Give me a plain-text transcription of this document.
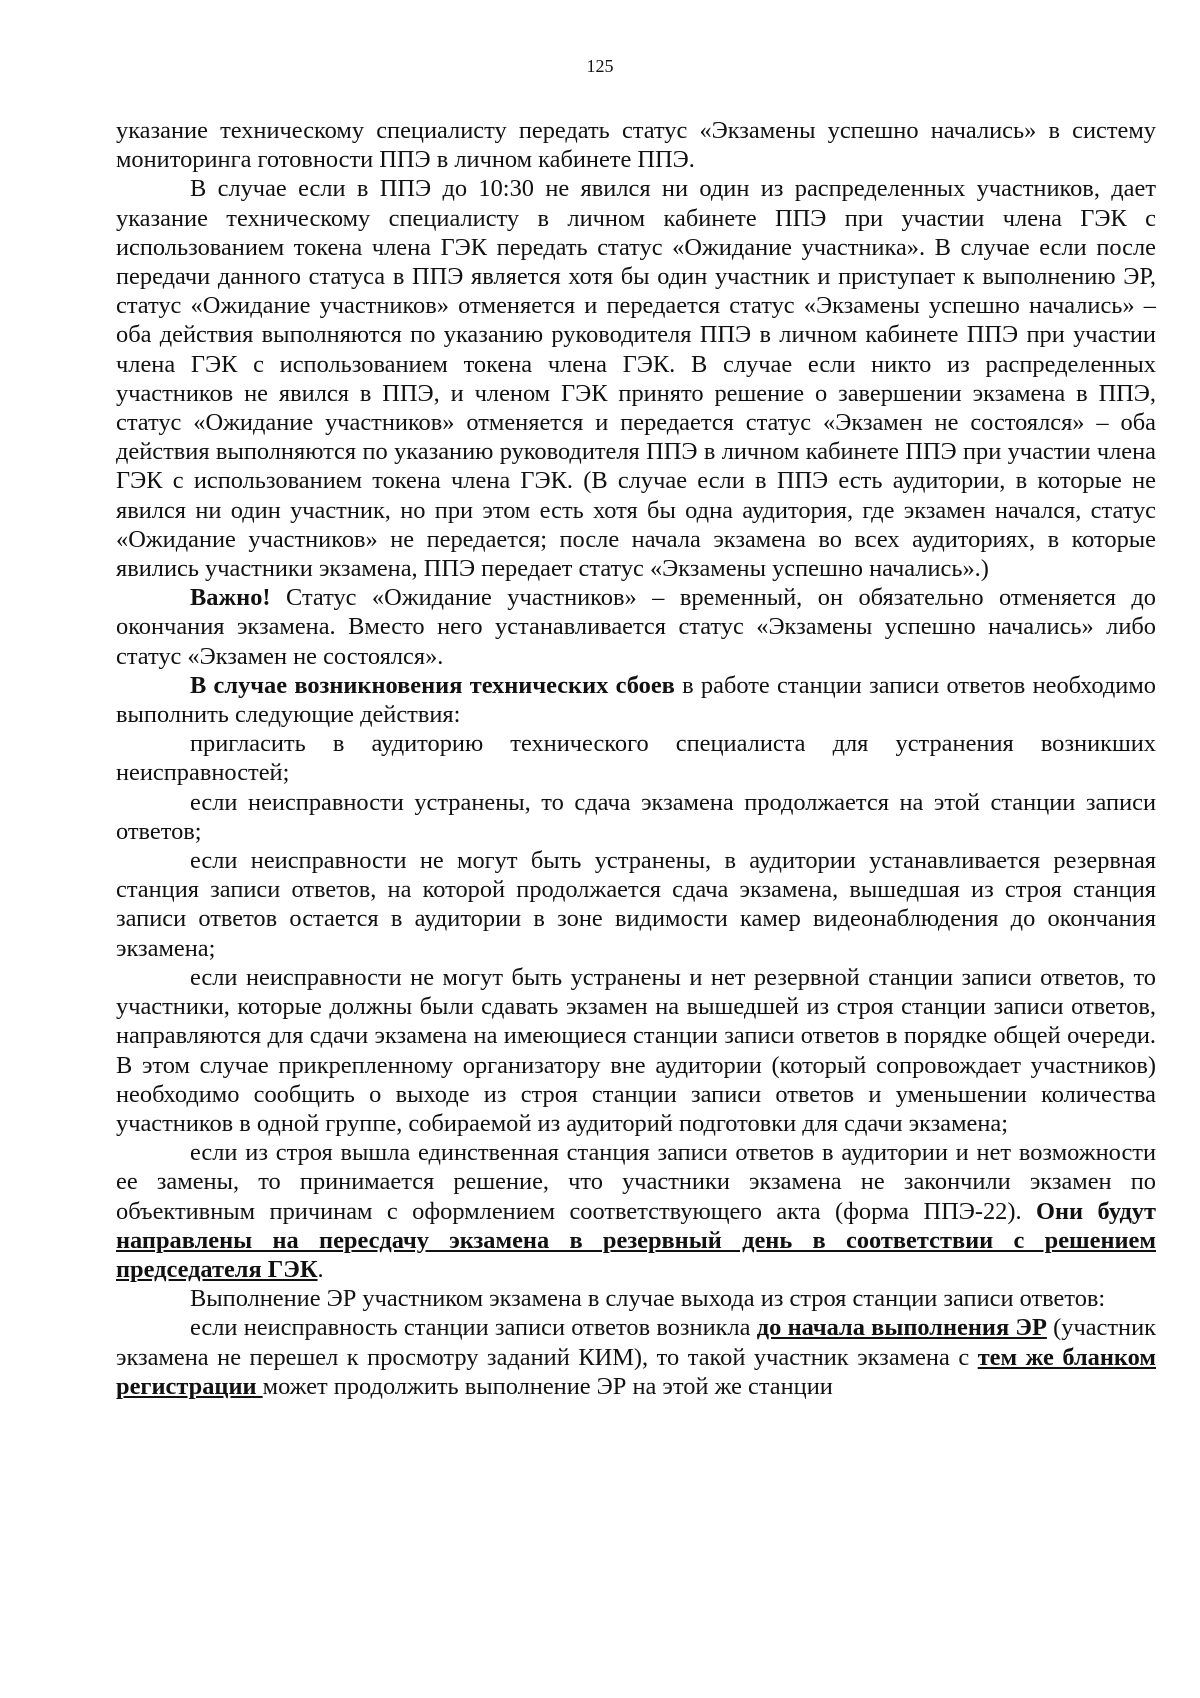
125

указание техническому специалисту передать статус «Экзамены успешно начались» в систему мониторинга готовности ППЭ в личном кабинете ППЭ.

В случае если в ППЭ до 10:30 не явился ни один из распределенных участников, дает указание техническому специалисту в личном кабинете ППЭ при участии члена ГЭК с использованием токена члена ГЭК передать статус «Ожидание участника». В случае если после передачи данного статуса в ППЭ является хотя бы один участник и приступает к выполнению ЭР, статус «Ожидание участников» отменяется и передается статус «Экзамены успешно начались» – оба действия выполняются по указанию руководителя ППЭ в личном кабинете ППЭ при участии члена ГЭК с использованием токена члена ГЭК. В случае если никто из распределенных участников не явился в ППЭ, и членом ГЭК принято решение о завершении экзамена в ППЭ, статус «Ожидание участников» отменяется и передается статус «Экзамен не состоялся» – оба действия выполняются по указанию руководителя ППЭ в личном кабинете ППЭ при участии члена ГЭК с использованием токена члена ГЭК. (В случае если в ППЭ есть аудитории, в которые не явился ни один участник, но при этом есть хотя бы одна аудитория, где экзамен начался, статус «Ожидание участников» не передается; после начала экзамена во всех аудиториях, в которые явились участники экзамена, ППЭ передает статус «Экзамены успешно начались».)

Важно! Статус «Ожидание участников» – временный, он обязательно отменяется до окончания экзамена. Вместо него устанавливается статус «Экзамены успешно начались» либо статус «Экзамен не состоялся».

В случае возникновения технических сбоев в работе станции записи ответов необходимо выполнить следующие действия:

пригласить в аудиторию технического специалиста для устранения возникших неисправностей;

если неисправности устранены, то сдача экзамена продолжается на этой станции записи ответов;

если неисправности не могут быть устранены, в аудитории устанавливается резервная станция записи ответов, на которой продолжается сдача экзамена, вышедшая из строя станция записи ответов остается в аудитории в зоне видимости камер видеонаблюдения до окончания экзамена;

если неисправности не могут быть устранены и нет резервной станции записи ответов, то участники, которые должны были сдавать экзамен на вышедшей из строя станции записи ответов, направляются для сдачи экзамена на имеющиеся станции записи ответов в порядке общей очереди. В этом случае прикрепленному организатору вне аудитории (который сопровождает участников) необходимо сообщить о выходе из строя станции записи ответов и уменьшении количества участников в одной группе, собираемой из аудиторий подготовки для сдачи экзамена;

если из строя вышла единственная станция записи ответов в аудитории и нет возможности ее замены, то принимается решение, что участники экзамена не закончили экзамен по объективным причинам с оформлением соответствующего акта (форма ППЭ-22). Они будут направлены на пересдачу экзамена в резервный день в соответствии с решением председателя ГЭК.

Выполнение ЭР участником экзамена в случае выхода из строя станции записи ответов:

если неисправность станции записи ответов возникла до начала выполнения ЭР (участник экзамена не перешел к просмотру заданий КИМ), то такой участник экзамена с тем же бланком регистрации может продолжить выполнение ЭР на этой же станции
